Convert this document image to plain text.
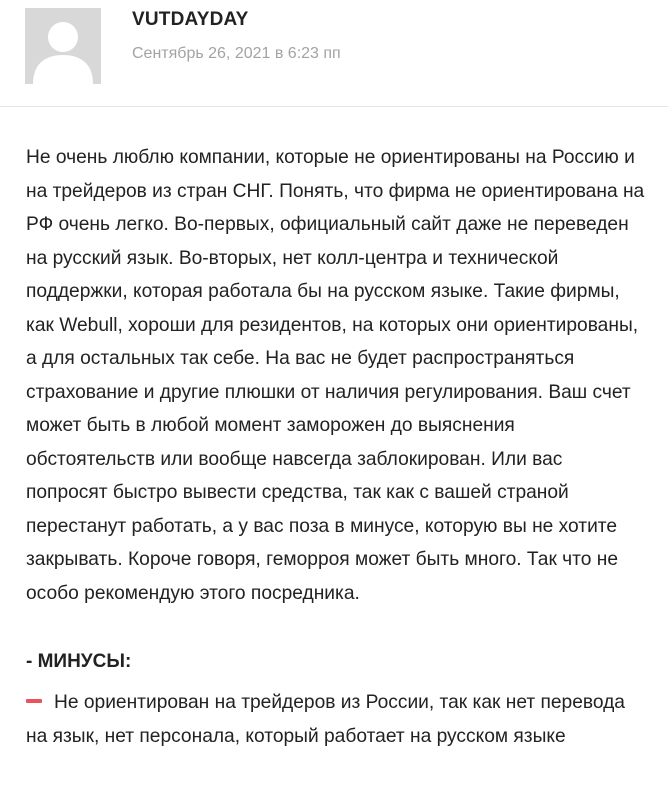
VUTDAYDAY
Сентябрь 26, 2021 в 6:23 пп

Не очень люблю компании, которые не ориентированы на Россию и на трейдеров из стран СНГ. Понять, что фирма не ориентирована на РФ очень легко. Во-первых, официальный сайт даже не переведен на русский язык. Во-вторых, нет колл-центра и технической поддержки, которая работала бы на русском языке. Такие фирмы, как Webull, хороши для резидентов, на которых они ориентированы, а для остальных так себе. На вас не будет распространяться страхование и другие плюшки от наличия регулирования. Ваш счет может быть в любой момент заморожен до выяснения обстоятельств или вообще навсегда заблокирован. Или вас попросят быстро вывести средства, так как с вашей страной перестанут работать, а у вас поза в минусе, которую вы не хотите закрывать. Короче говоря, геморроя может быть много. Так что не особо рекомендую этого посредника.

- МИНУСЫ:
Не ориентирован на трейдеров из России, так как нет перевода на язык, нет персонала, который работает на русском языке
